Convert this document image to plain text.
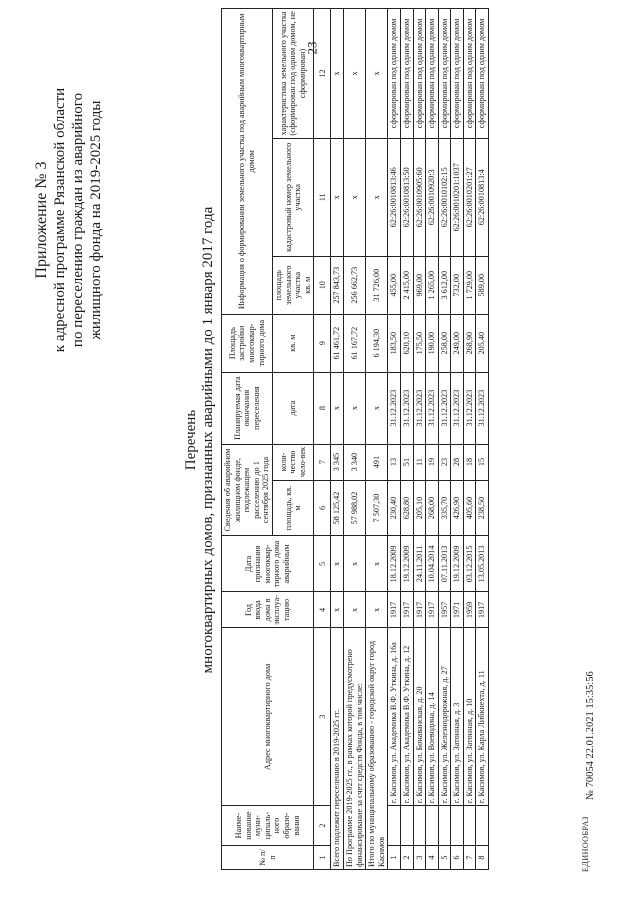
23
Приложение № 3 к адресной программе Рязанской области по переселению граждан из аварийного жилищного фонда на 2019-2025 годы
Перечень многоквартирных домов, признанных аварийными до 1 января 2017 года
№ п/п	Наиме-нование муни-ципаль-ного образо-вания	Адрес многоквартирного дома	Год ввода дома в эксплуа-тацию	Дата признания многоквар-тирного дома аварийным	Сведения об аварийном жилищном фонде, подлежащем расселению до 1 сентября 2025 года		Планируемая дата окончания переселения	Площадь застройки многоквар-тирного дома	Информация о формировании земельного участка под аварийным многоквартирным домом		
					площадь, кв. м	коли-чество чело-век	дата	кв. м	площадь земельного участка
кв. м	кадастровый номер земельного участка	характеристика земельного участка (сформирован под одним домом, не сформирован)
1	2	3	4	5	6	7	8	9	10	11	12
Всего подлежит переселению в 2019-2025 гг.			х	х	58 125,42	3 345	х	61 461,72	257 843,73	х	х
По Программе 2019-2025 гг., в рамках которой предусмотрено финансирование за счет средств Фонда, в том числе:			х	х	57 988,02	3 340	х	61 167,72	256 662,73	х	х
Итого по муниципальному образованию - городской округ город Касимов			х	х	7 507,30	491	х	6 194,30	31 726,00	х	х
1		г. Касимов, ул. Академика В.Ф. Уткина, д. 16а	1917	18.12.2009	230,40	13	31.12.2023	183,50	455,00	62:26:0010813:46	сформирован под одним домом
2		г. Касимов, ул. Академика В.Ф. Уткина, д. 12	1917	19.12.2009	628,80	51	31.12.2023	620,10	2 415,00	62:26:0010813:50	сформирован под одним домом
3		г. Касимов, ул. Бонаванская, д. 20	1917	24.11.2011	205,10	11	31.12.2023	175,50	969,00	62:26:0010905:60	сформирован под одним домом
4		г. Касимов, ул. Воеводина, д. 14	1917	10.04.2014	268,00	19	31.12.2023	190,00	1 265,00	62:26:0010920:3	сформирован под одним домом
5		г. Касимов, ул. Железнодорожная, д. 27	1957	07.11.2013	335,70	23	31.12.2023	258,00	3 612,00	62:26:0010102:15	сформирован под одним домом
6		г. Касимов, ул. Затонная, д. 3	1971	19.12.2009	426,90	28	31.12.2023	249,00	732,00	62:26:0010201:1037	сформирован под одним домом
7		г. Касимов, ул. Затонная, д. 10	1959	03.12.2015	405,60	18	31.12.2023	268,90	1 729,00	62:26:0010201:27	сформирован под одним домом
8		г. Касимов, ул. Карла Либкнехта, д. 11	1917	13.05.2013	238,50	15	31.12.2023	205,40	589,00	62:26:0010813:4	сформирован под одним домом
ЕДИНООБРАЗ
№ 70054 22.01.2021 15:35:56
